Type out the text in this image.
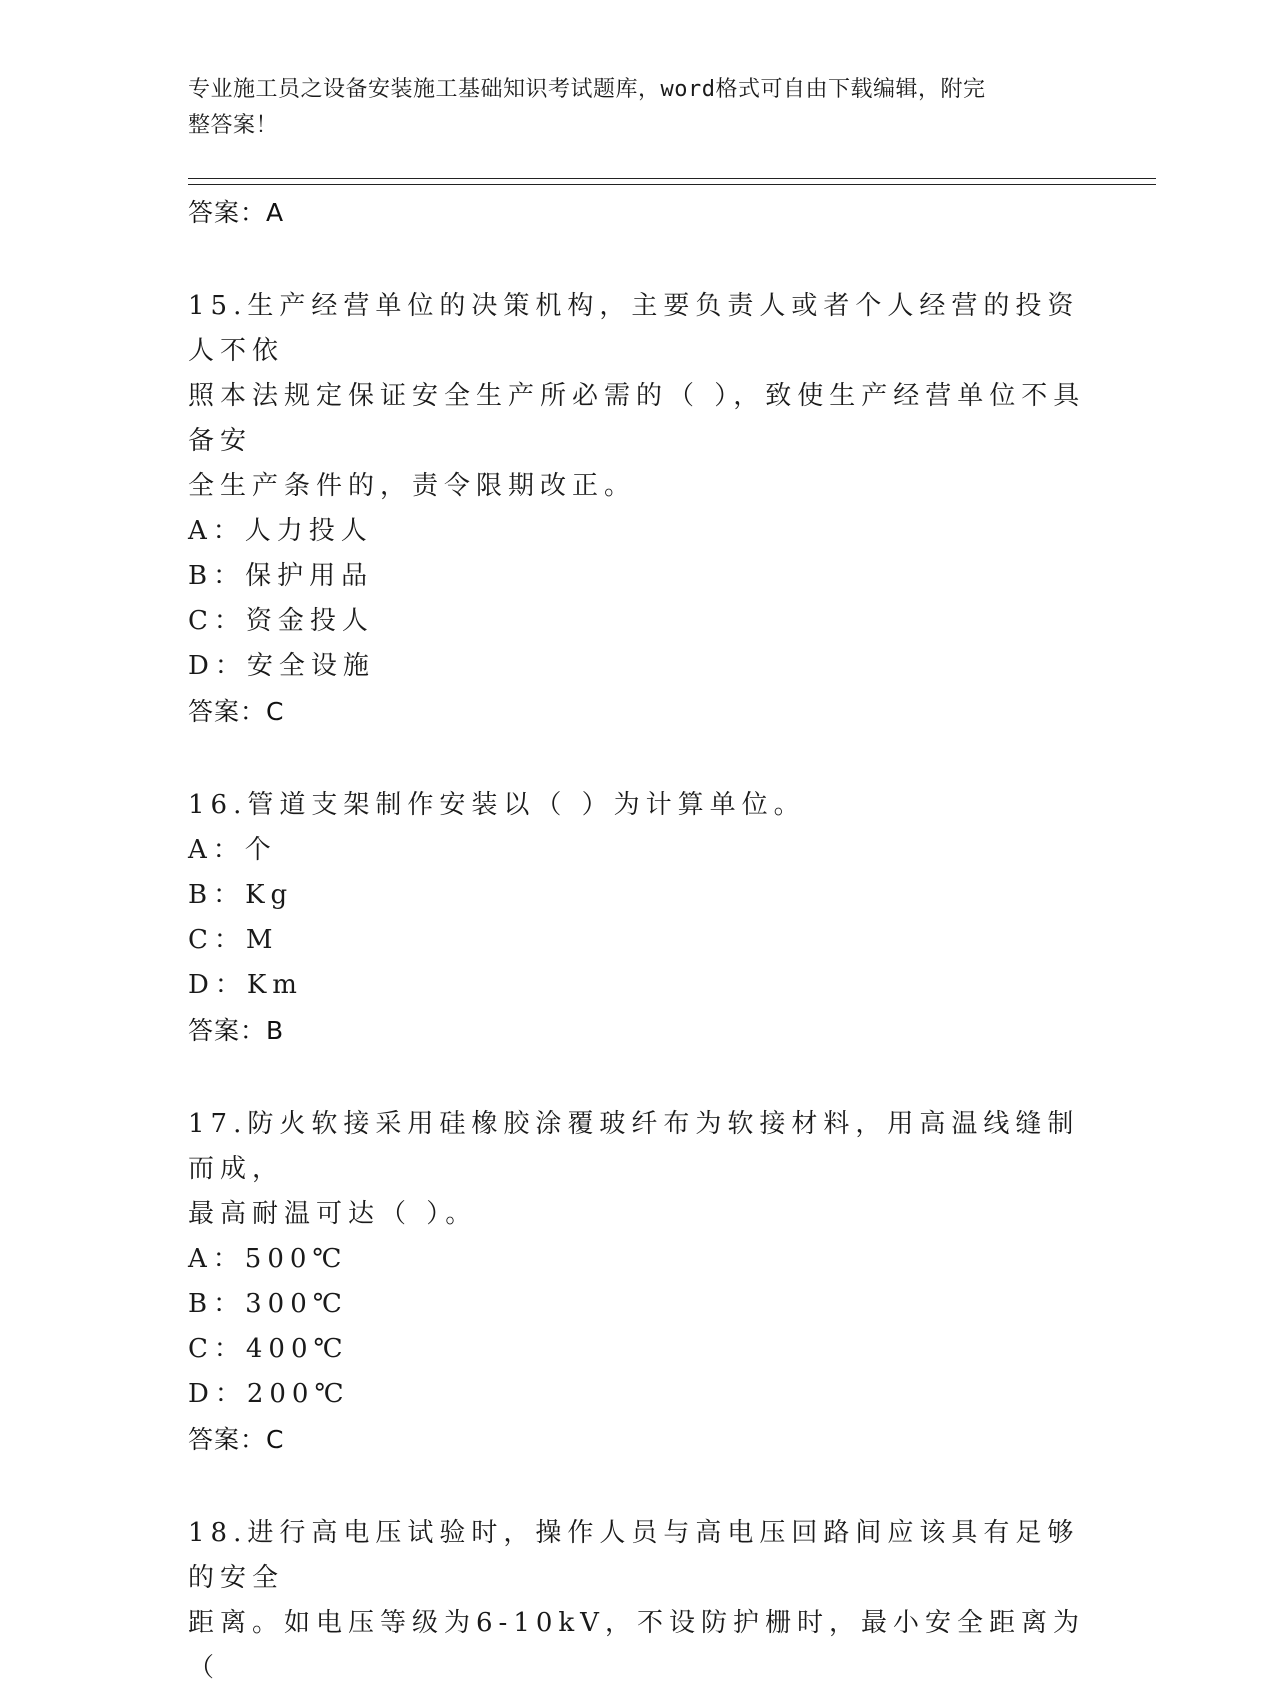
专业施工员之设备安装施工基础知识考试题库，word格式可自由下载编辑，附完
整答案！
答案：A
15.生产经营单位的决策机构，主要负责人或者个人经营的投资人不依
照本法规定保证安全生产所必需的（ ），致使生产经营单位不具备安
全生产条件的，责令限期改正。
A：人力投人
B：保护用品
C：资金投人
D：安全设施
答案：C
16.管道支架制作安装以（ ）为计算单位。
A：个
B：Kg
C：M
D：Km
答案：B
17.防火软接采用硅橡胶涂覆玻纤布为软接材料，用高温线缝制而成，
最高耐温可达（ ）。
A：500℃
B：300℃
C：400℃
D：200℃
答案：C
18.进行高电压试验时，操作人员与高电压回路间应该具有足够的安全
距离。如电压等级为6-10kV，不设防护栅时，最小安全距离为（
